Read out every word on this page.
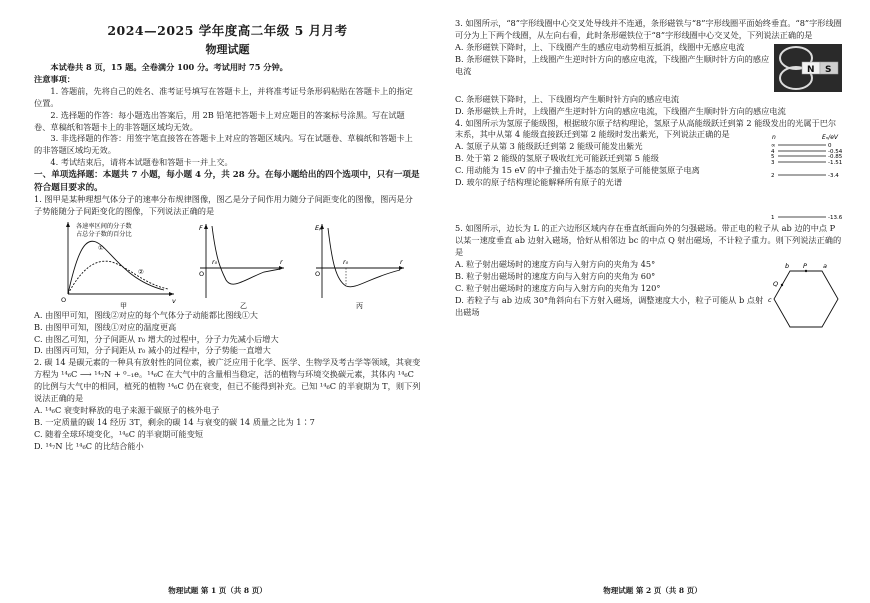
2024—2025 学年度高二年级 5 月月考
物理试题

本试卷共 8 页，15 题。全卷满分 100 分。考试用时 75 分钟。

注意事项：

1. 答题前，先将自己的姓名、准考证号填写在答题卡上，并将准考证号条形码粘贴在答题卡上的指定位置。

2. 选择题的作答：每小题选出答案后，用 2B 铅笔把答题卡上对应题目的答案标号涂黑。写在试题卷、草稿纸和答题卡上的非答题区域均无效。

3. 非选择题的作答：用签字笔直接答在答题卡上对应的答题区域内。写在试题卷、草稿纸和答题卡上的非答题区域均无效。

4. 考试结束后，请将本试题卷和答题卡一并上交。

一、单项选择题：本题共 7 小题，每小题 4 分，共 28 分。在每小题给出的四个选项中，只有一项是符合题目要求的。

1. 图甲是某种理想气体分子的速率分布规律图像，图乙是分子间作用力随分子间距变化的图像，图丙是分子势能随分子间距变化的图像，下列说法正确的是

各速率区间的分子数
占总分子数的百分比
①
②
v
O
甲
F
r₀	r
O
乙
Eₚ
r₀	r
O
丙

A. 由图甲可知，图线②对应的每个气体分子动能都比图线①大

B. 由图甲可知，图线①对应的温度更高

C. 由图乙可知，分子间距从 r₀ 增大的过程中，分子力先减小后增大

D. 由图丙可知，分子间距从 r₀ 减小的过程中，分子势能一直增大

2. 碳 14 是碳元素的一种具有放射性的同位素，被广泛应用于化学、医学、生物学及考古学等领域，其衰变方程为 ¹⁴₆C ⟶ ¹⁴₇N + ⁰₋₁e。¹⁴₆C 在大气中的含量相当稳定，活的植物与环境交换碳元素，其体内 ¹⁴₆C 的比例与大气中的相同，植死的植物 ¹⁴₆C 仍在衰变，但已不能得到补充。已知 ¹⁴₆C 的半衰期为 T，则下列说法正确的是

A. ¹⁴₆C 衰变时释放的电子来源于碳原子的核外电子

B. 一定质量的碳 14 经历 3T，剩余的碳 14 与衰变的碳 14 质量之比为 1∶7

C. 随着全球环境变化，¹⁴₆C 的半衰期可能变短

D. ¹⁴₇N 比 ¹⁴₆C 的比结合能小

物理试题 第 1 页（共 8 页）

3. 如图所示，“8”字形线圈中心交叉处导线并不连通，条形磁铁与“8”字形线圈平面始终垂直。“8”字形线圈可分为上下两个线圈，从左向右看，此时条形磁铁位于“8”字形线圈中心交叉处，下列说法正确的是

A. 条形磁铁下降时，上、下线圈产生的感应电动势相互抵消，线圈中无感应电流

B. 条形磁铁下降时，上线圈产生逆时针方向的感应电流，下线圈产生顺时针方向的感应电流	N S

C. 条形磁铁下降时，上、下线圈均产生顺时针方向的感应电流

D. 条形磁铁上升时，上线圈产生逆时针方向的感应电流，下线圈产生顺时针方向的感应电流

4. 如图所示为氢原子能级图，根据玻尔原子结构理论，氢原子从高能级跃迁到第 2 能级发出的光属于巴尔末系，其中从第 4 能级直接跃迁到第 2 能级时发出紫光，下列说法正确的是

A. 氢原子从第 3 能级跃迁到第 2 能级可能发出紫光

B. 处于第 2 能级的氢原子吸收红光可能跃迁到第 5 能级

C. 用动能为 15 eV 的中子撞击处于基态的氢原子可能使氢原子电离

D. 玻尔的原子结构理论能解释所有原子的光谱

n	Eₙ/eV
∞	0
4	-0.54
5	-0.85
3	-1.51
2	-3.4
1	-13.6

5. 如图所示，边长为 L 的正六边形区域内存在垂直纸面向外的匀强磁场。带正电的粒子从 ab 边的中点 P 以某一速度垂直 ab 边射入磁场，恰好从相邻边 bc 的中点 Q 射出磁场，不计粒子重力。则下列说法正确的是

A. 粒子射出磁场时的速度方向与入射方向的夹角为 45°

B. 粒子射出磁场时的速度方向与入射方向的夹角为 60°

C. 粒子射出磁场时的速度方向与入射方向的夹角为 120°

D. 若粒子与 ab 边成 30°角斜向右下方射入磁场，调整速度大小，粒子可能从 b 点射出磁场

b P a
Q
c
物理试题 第 2 页（共 8 页）
